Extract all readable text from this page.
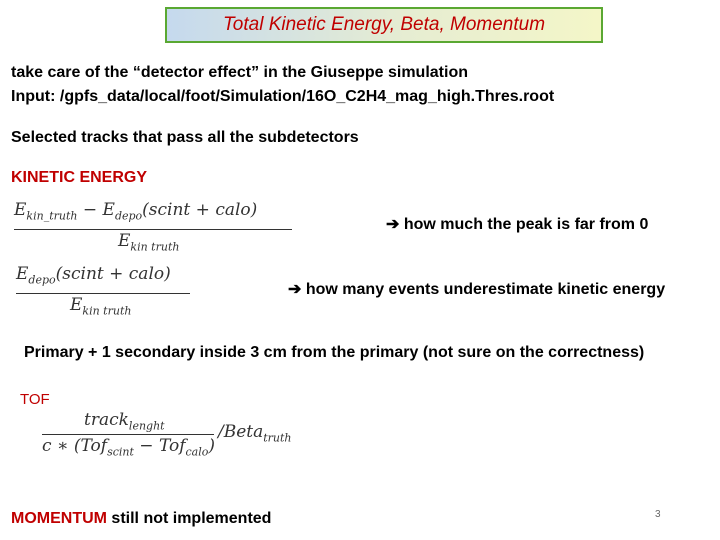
Total Kinetic Energy, Beta, Momentum
take care of the “detector effect” in the Giuseppe simulation
Input: /gpfs_data/local/foot/Simulation/16O_C2H4_mag_high.Thres.root
Selected tracks that pass all the subdetectors
KINETIC ENERGY
$E_{kin\_truth}$ − $E_{depo}(scint$ + calo)
$E_{kin truth}$
➔ how much the peak is far from 0
$E_{depo}(scint$ + calo)
$E_{kin truth}$
➔ how many events underestimate kinetic energy
Primary + 1 secondary inside 3 cm from the primary (not sure on the correctness)
TOF
track$_{lenght}$
c ∗ (Tof$_{scint}$ − Tof$_{calo}$)
/Beta$_{truth}$
MOMENTUM still not implemented	3
